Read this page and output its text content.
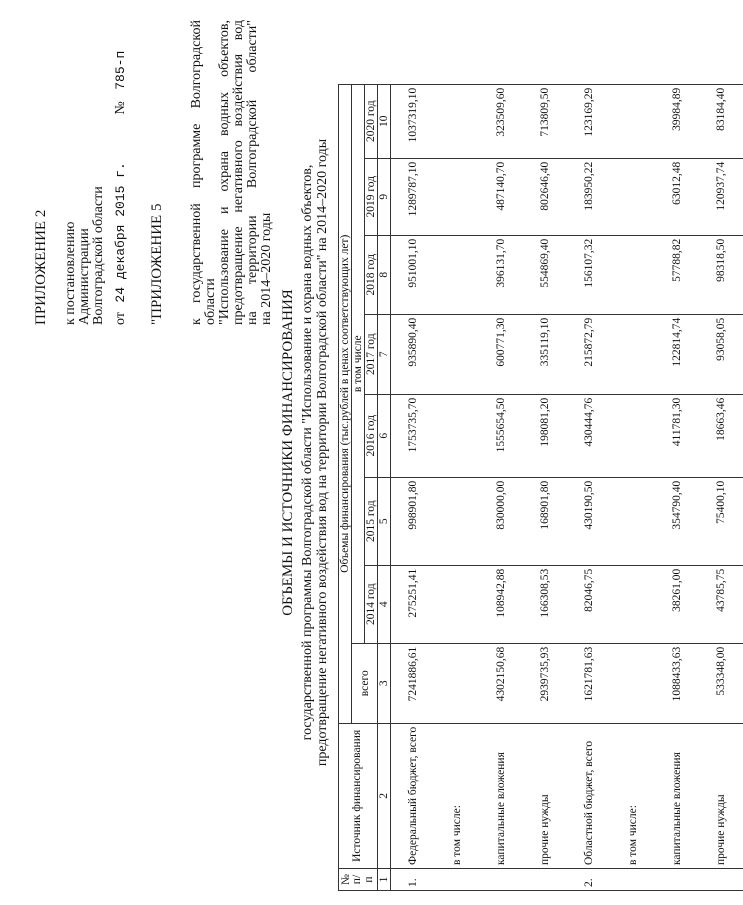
ПРИЛОЖЕНИЕ 2 к постановлению Администрации Волгоградской области от 24 декабря 2015 г. № 785-п
"ПРИЛОЖЕНИЕ 5 к государственной программе Волгоградской области "Использование и охрана водных объектов, предотвращение негативного воздействия вод на территории Волгоградской области" на 2014–2020 годы
ОБЪЕМЫ И ИСТОЧНИКИ ФИНАНСИРОВАНИЯ государственной программы Волгоградской области "Использование и охрана водных объектов, предотвращение негативного воздействия вод на территории Волгоградской области" на 2014–2020 годы
№ п/п	Источник финансирования	Объемы финансирования (тыс.рублей в ценах соответствующих лет)							
		всего	в том числе						
			2014 год	2015 год	2016 год	2017 год	2018 год	2019 год	2020 год
1	2	3	4	5	6	7	8	9	10
1.	Федеральный бюджет, всего	7241886,61	275251,41	998901,80	1753735,70	935890,40	951001,10	1289787,10	1037319,10
	в том числе:								
	капитальные вложения	4302150,68	108942,88	830000,00	1555654,50	600771,30	396131,70	487140,70	323509,60
	прочие нужды	2939735,93	166308,53	168901,80	198081,20	335119,10	554869,40	802646,40	713809,50
2.	Областной бюджет, всего	1621781,63	82046,75	430190,50	430444,76	215872,79	156107,32	183950,22	123169,29
	в том числе:								
	капитальные вложения	1088433,63	38261,00	354790,40	411781,30	122814,74	57788,82	63012,48	39984,89
	прочие нужды	533348,00	43785,75	75400,10	18663,46	93058,05	98318,50	120937,74	83184,40
